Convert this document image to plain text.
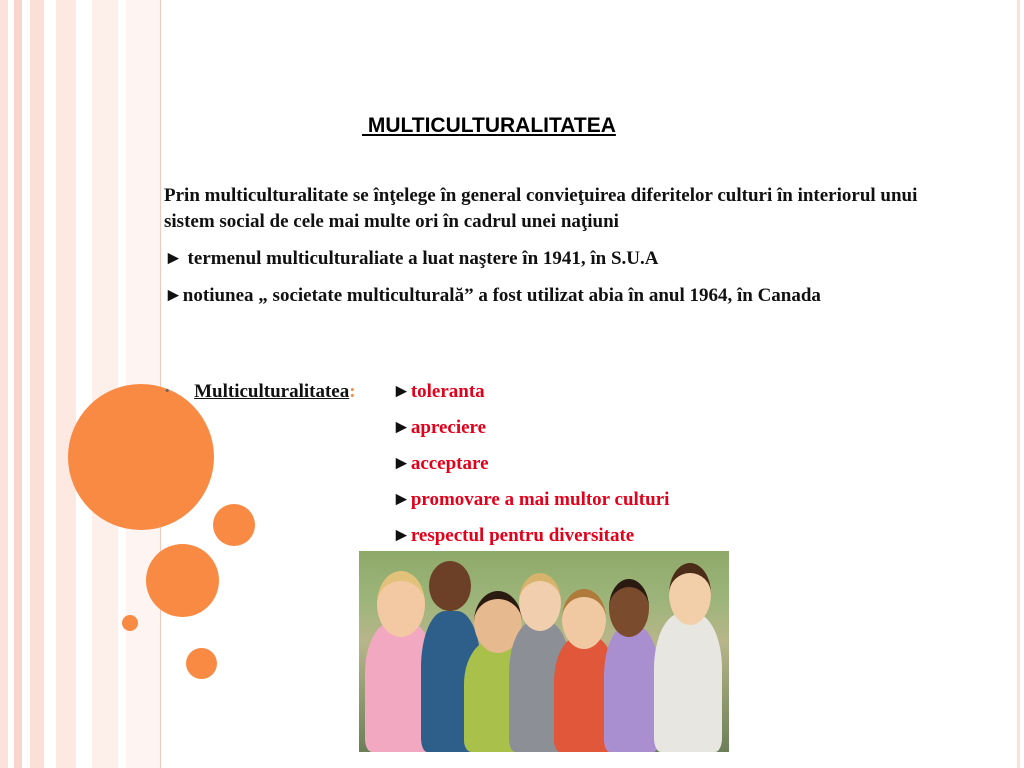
MULTICULTURALITATEA
Prin multiculturalitate se înţelege în general convieţuirea diferitelor culturi în interiorul unui sistem social de cele mai multe ori în cadrul unei naţiuni
► termenul multiculturaliate a luat naştere în 1941, în S.U.A
►notiunea „ societate multiculturală” a fost utilizat abia în anul 1964, în Canada
· Multiculturalitatea: ►toleranta
►apreciere
►acceptare
►promovare a mai multor culturi
►respectul pentru diversitate
